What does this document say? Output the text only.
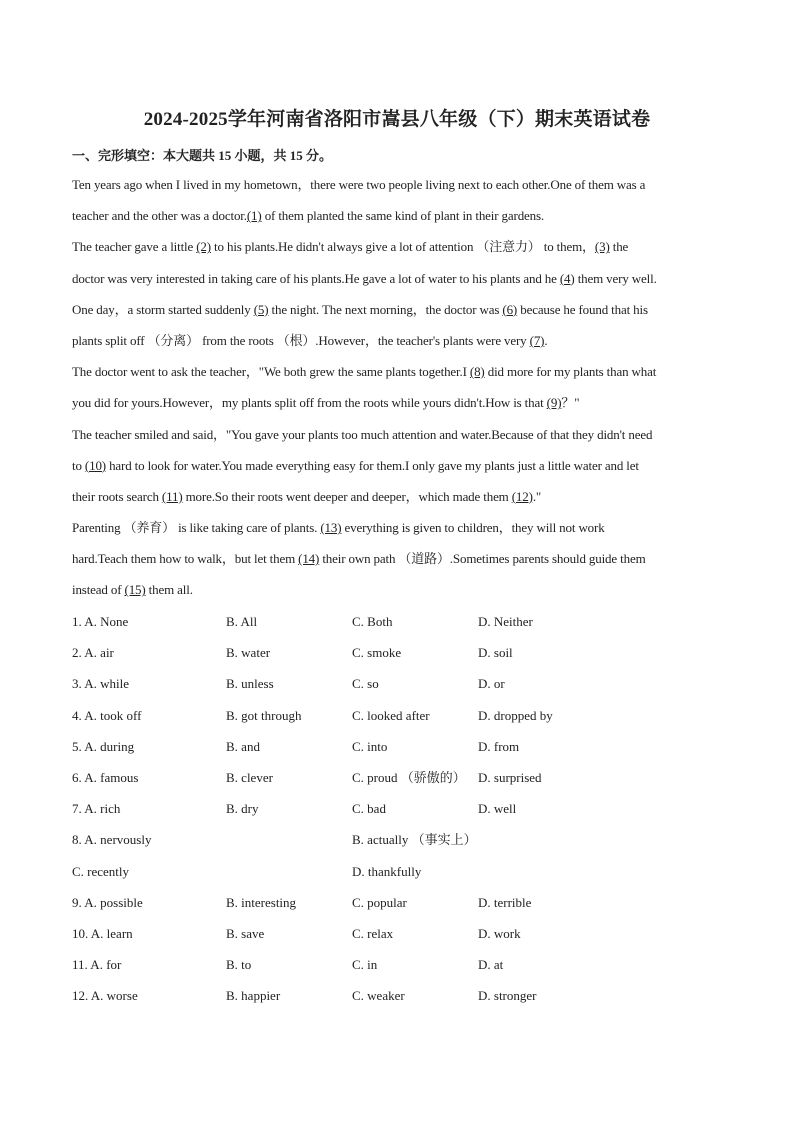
2024-2025学年河南省洛阳市嵩县八年级（下）期末英语试卷
一、完形填空：本大题共 15 小题，共 15 分。
Ten years ago when I lived in my hometown，there were two people living next to each other.One of them was a
teacher and the other was a doctor.(1) of them planted the same kind of plant in their gardens.
The teacher gave a little (2) to his plants.He didn't always give a lot of attention （注意力） to them，(3) the
doctor was very interested in taking care of his plants.He gave a lot of water to his plants and he (4) them very well.
One day，a storm started suddenly (5) the night. The next morning，the doctor was (6) because he found that his
plants split off （分离） from the roots （根）.However，the teacher's plants were very (7).
The doctor went to ask the teacher，"We both grew the same plants together.I (8) did more for my plants than what
you did for yours.However，my plants split off from the roots while yours didn't.How is that (9)？"
The teacher smiled and said，"You gave your plants too much attention and water.Because of that they didn't need
to (10) hard to look for water.You made everything easy for them.I only gave my plants just a little water and let
their roots search (11) more.So their roots went deeper and deeper，which made them (12)."
Parenting （养育） is like taking care of plants. (13) everything is given to children，they will not work
hard.Teach them how to walk，but let them (14) their own path （道路）.Sometimes parents should guide them
instead of (15) them all.
1. A. None	B. All	C. Both	D. Neither
2. A. air	B. water	C. smoke	D. soil
3. A. while	B. unless	C. so	D. or
4. A. took off	B. got through	C. looked after	D. dropped by
5. A. during	B. and	C. into	D. from
6. A. famous	B. clever	C. proud （骄傲的） D. surprised
7. A. rich	B. dry	C. bad	D. well
8. A. nervously	B. actually （事实上）
C. recently	D. thankfully
9. A. possible	B. interesting	C. popular	D. terrible
10. A. learn	B. save	C. relax	D. work
11. A. for	B. to	C. in	D. at
12. A. worse	B. happier	C. weaker	D. stronger
